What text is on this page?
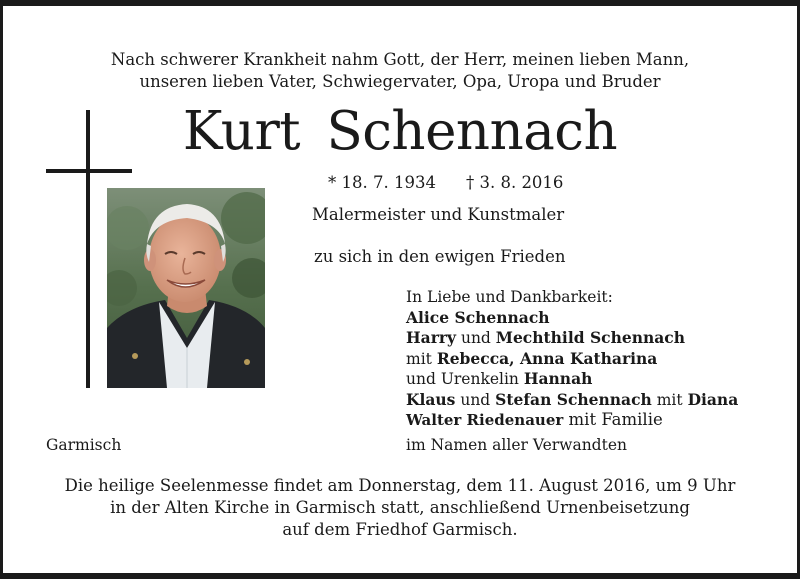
Nach schwerer Krankheit nahm Gott, der Herr, meinen lieben Mann,
unseren lieben Vater, Schwiegervater, Opa, Uropa und Bruder
Kurt Schennach
* 18. 7. 1934 † 3. 8. 2016
Malermeister und Kunstmaler
zu sich in den ewigen Frieden
In Liebe und Dankbarkeit:
Alice Schennach
Harry und Mechthild Schennach
mit Rebecca, Anna Katharina
und Urenkelin Hannah
Klaus und Stefan Schennach mit Diana
Walter Riedenauer mit Familie
Garmisch	im Namen aller Verwandten
Die heilige Seelenmesse findet am Donnerstag, dem 11. August 2016, um 9 Uhr
in der Alten Kirche in Garmisch statt, anschließend Urnenbeisetzung
auf dem Friedhof Garmisch.
